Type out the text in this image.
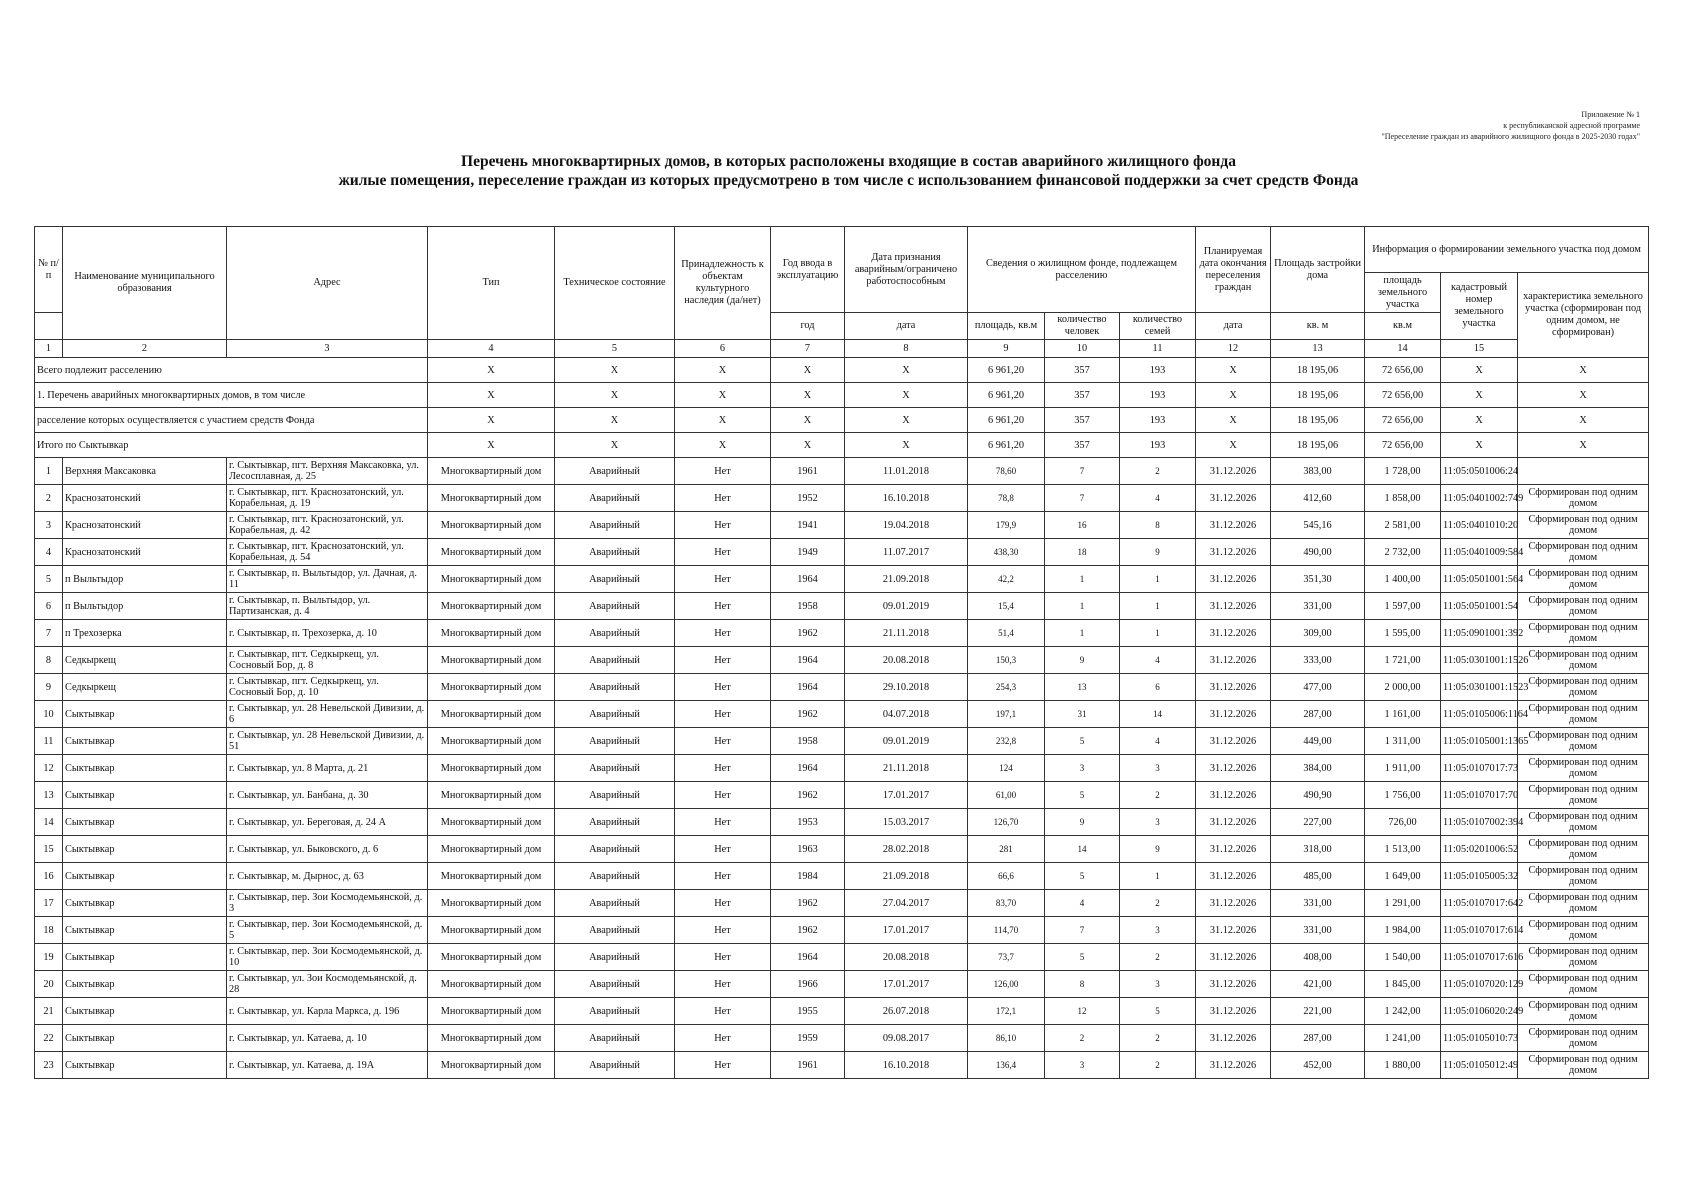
Приложение № 1
к республиканской адресной программе
"Переселение граждан из аварийного жилищного фонда в 2025-2030 годах"
Перечень многоквартирных домов, в которых расположены входящие в состав аварийного жилищного фонда
жилые помещения, переселение граждан из которых предусмотрено в том числе с использованием финансовой поддержки за счет средств Фонда
№ п/п	Наименование муниципального образования	Адрес	Тип	Техническое состояние	Принадлежность к объектам культурного наследия (да/нет)	Год ввода в эксплуатацию	Дата признания аварийным/ограничено работоспособным	Сведения о жилищном фонде, подлежащем расселению			Планируемая дата окончания переселения граждан	Площадь застройки дома	Информация о формировании земельного участка под домом		
													площадь земельного участка	кадастровый номер земельного участка	характеристика земельного участка (сформирован под одним домом, не сформирован)
						год	дата	площадь, кв.м	количество человек	количество семей	дата	кв. м	кв.м		
1	2	3	4	5	6	7	8	9	10	11	12	13	14	15	
Всего подлежит расселению			X	X	X	X	X	6 961,20	357	193	X	18 195,06	72 656,00	X	X
1. Перечень аварийных многоквартирных домов, в том числе			X	X	X	X	X	6 961,20	357	193	X	18 195,06	72 656,00	X	X
расселение которых осуществляется с участием средств Фонда			X	X	X	X	X	6 961,20	357	193	X	18 195,06	72 656,00	X	X
Итого по Сыктывкар			X	X	X	X	X	6 961,20	357	193	X	18 195,06	72 656,00	X	X
1	Верхняя Максаковка	г. Сыктывкар, пгт. Верхняя Максаковка, ул. Лесосплавная, д. 25	Многоквартирный дом	Аварийный	Нет	1961	11.01.2018	78,60	7	2	31.12.2026	383,00	1 728,00	11:05:0501006:24	
2	Краснозатонский	г. Сыктывкар, пгт. Краснозатонский, ул. Корабельная, д. 19	Многоквартирный дом	Аварийный	Нет	1952	16.10.2018	78,8	7	4	31.12.2026	412,60	1 858,00	11:05:0401002:749	Сформирован под одним домом
3	Краснозатонский	г. Сыктывкар, пгт. Краснозатонский, ул. Корабельная, д. 42	Многоквартирный дом	Аварийный	Нет	1941	19.04.2018	179,9	16	8	31.12.2026	545,16	2 581,00	11:05:0401010:20	Сформирован под одним домом
4	Краснозатонский	г. Сыктывкар, пгт. Краснозатонский, ул. Корабельная, д. 54	Многоквартирный дом	Аварийный	Нет	1949	11.07.2017	438,30	18	9	31.12.2026	490,00	2 732,00	11:05:0401009:584	Сформирован под одним домом
5	п Выльтыдор	г. Сыктывкар, п. Выльтыдор, ул. Дачная, д. 11	Многоквартирный дом	Аварийный	Нет	1964	21.09.2018	42,2	1	1	31.12.2026	351,30	1 400,00	11:05:0501001:564	Сформирован под одним домом
6	п Выльтыдор	г. Сыктывкар, п. Выльтыдор, ул. Партизанская, д. 4	Многоквартирный дом	Аварийный	Нет	1958	09.01.2019	15,4	1	1	31.12.2026	331,00	1 597,00	11:05:0501001:54	Сформирован под одним домом
7	п Трехозерка	г. Сыктывкар, п. Трехозерка, д. 10	Многоквартирный дом	Аварийный	Нет	1962	21.11.2018	51,4	1	1	31.12.2026	309,00	1 595,00	11:05:0901001:392	Сформирован под одним домом
8	Седкыркещ	г. Сыктывкар, пгт. Седкыркещ, ул. Сосновый Бор, д. 8	Многоквартирный дом	Аварийный	Нет	1964	20.08.2018	150,3	9	4	31.12.2026	333,00	1 721,00	11:05:0301001:1526	Сформирован под одним домом
9	Седкыркещ	г. Сыктывкар, пгт. Седкыркещ, ул. Сосновый Бор, д. 10	Многоквартирный дом	Аварийный	Нет	1964	29.10.2018	254,3	13	6	31.12.2026	477,00	2 000,00	11:05:0301001:1523	Сформирован под одним домом
10	Сыктывкар	г. Сыктывкар, ул. 28 Невельской Дивизии, д. 6	Многоквартирный дом	Аварийный	Нет	1962	04.07.2018	197,1	31	14	31.12.2026	287,00	1 161,00	11:05:0105006:1164	Сформирован под одним домом
11	Сыктывкар	г. Сыктывкар, ул. 28 Невельской Дивизии, д. 51	Многоквартирный дом	Аварийный	Нет	1958	09.01.2019	232,8	5	4	31.12.2026	449,00	1 311,00	11:05:0105001:1365	Сформирован под одним домом
12	Сыктывкар	г. Сыктывкар, ул. 8 Марта, д. 21	Многоквартирный дом	Аварийный	Нет	1964	21.11.2018	124	3	3	31.12.2026	384,00	1 911,00	11:05:0107017:73	Сформирован под одним домом
13	Сыктывкар	г. Сыктывкар, ул. Банбана, д. 30	Многоквартирный дом	Аварийный	Нет	1962	17.01.2017	61,00	5	2	31.12.2026	490,90	1 756,00	11:05:0107017:70	Сформирован под одним домом
14	Сыктывкар	г. Сыктывкар, ул. Береговая, д. 24 А	Многоквартирный дом	Аварийный	Нет	1953	15.03.2017	126,70	9	3	31.12.2026	227,00	726,00	11:05:0107002:394	Сформирован под одним домом
15	Сыктывкар	г. Сыктывкар, ул. Быковского, д. 6	Многоквартирный дом	Аварийный	Нет	1963	28.02.2018	281	14	9	31.12.2026	318,00	1 513,00	11:05:0201006:52	Сформирован под одним домом
16	Сыктывкар	г. Сыктывкар, м. Дырнос, д. 63	Многоквартирный дом	Аварийный	Нет	1984	21.09.2018	66,6	5	1	31.12.2026	485,00	1 649,00	11:05:0105005:32	Сформирован под одним домом
17	Сыктывкар	г. Сыктывкар, пер. Зои Космодемьянской, д. 3	Многоквартирный дом	Аварийный	Нет	1962	27.04.2017	83,70	4	2	31.12.2026	331,00	1 291,00	11:05:0107017:642	Сформирован под одним домом
18	Сыктывкар	г. Сыктывкар, пер. Зои Космодемьянской, д. 5	Многоквартирный дом	Аварийный	Нет	1962	17.01.2017	114,70	7	3	31.12.2026	331,00	1 984,00	11:05:0107017:614	Сформирован под одним домом
19	Сыктывкар	г. Сыктывкар, пер. Зои Космодемьянской, д. 10	Многоквартирный дом	Аварийный	Нет	1964	20.08.2018	73,7	5	2	31.12.2026	408,00	1 540,00	11:05:0107017:616	Сформирован под одним домом
20	Сыктывкар	г. Сыктывкар, ул. Зои Космодемьянской, д. 28	Многоквартирный дом	Аварийный	Нет	1966	17.01.2017	126,00	8	3	31.12.2026	421,00	1 845,00	11:05:0107020:129	Сформирован под одним домом
21	Сыктывкар	г. Сыктывкар, ул. Карла Маркса, д. 196	Многоквартирный дом	Аварийный	Нет	1955	26.07.2018	172,1	12	5	31.12.2026	221,00	1 242,00	11:05:0106020:249	Сформирован под одним домом
22	Сыктывкар	г. Сыктывкар, ул. Катаева, д. 10	Многоквартирный дом	Аварийный	Нет	1959	09.08.2017	86,10	2	2	31.12.2026	287,00	1 241,00	11:05:0105010:73	Сформирован под одним домом
23	Сыктывкар	г. Сыктывкар, ул. Катаева, д. 19А	Многоквартирный дом	Аварийный	Нет	1961	16.10.2018	136,4	3	2	31.12.2026	452,00	1 880,00	11:05:0105012:49	Сформирован под одним домом
